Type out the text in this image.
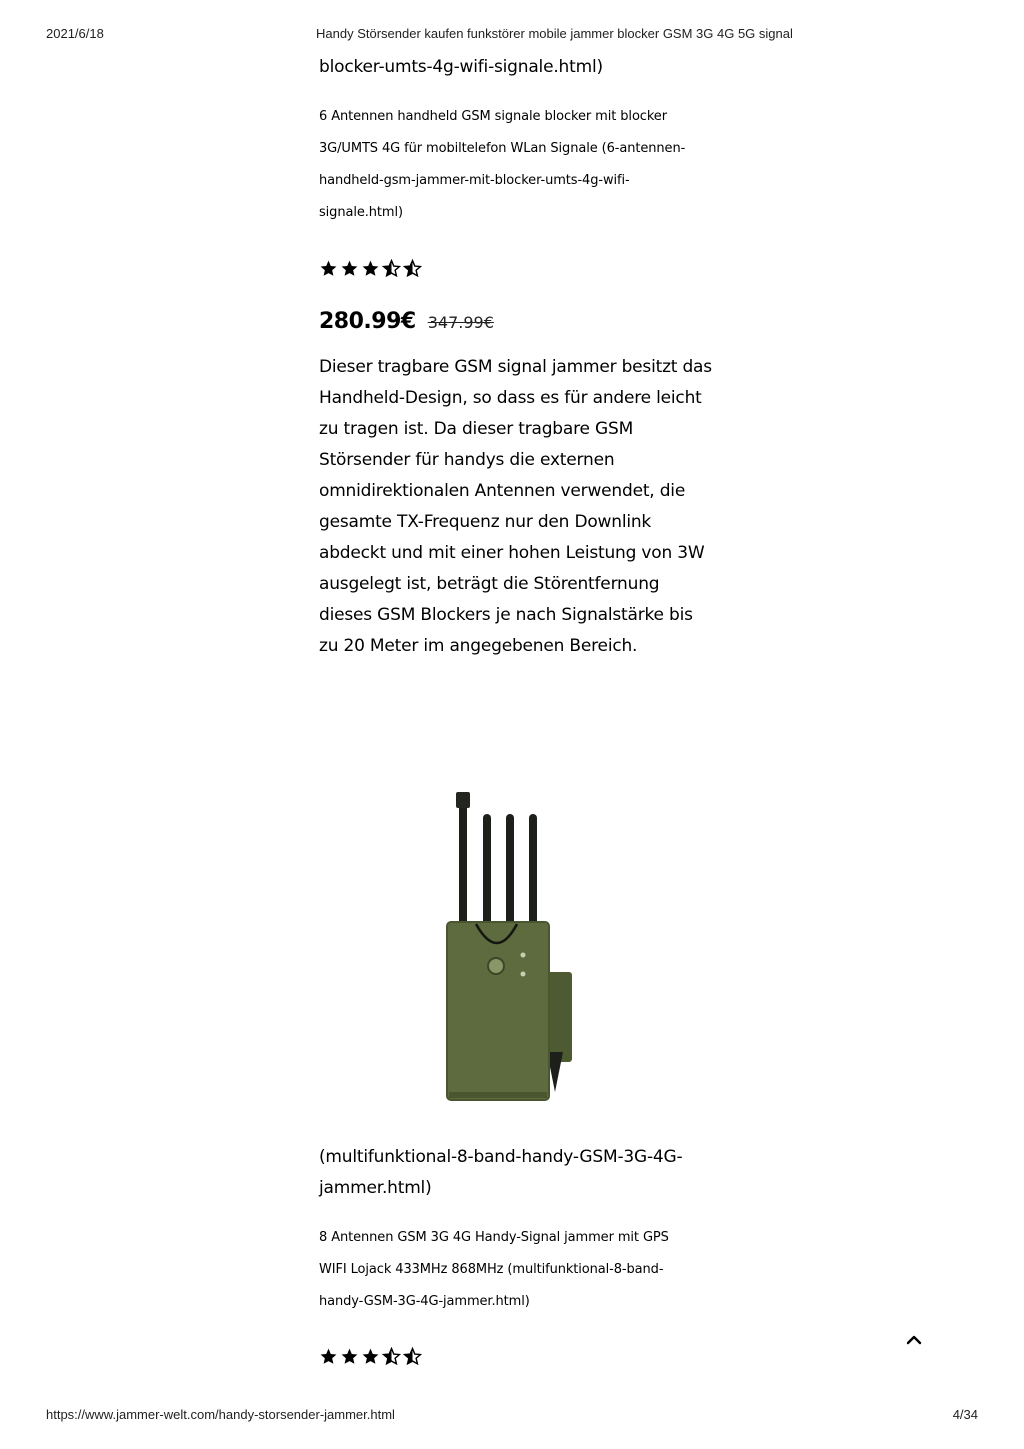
2021/6/18	Handy Störsender kaufen funkstörer mobile jammer blocker GSM 3G 4G 5G signal

blocker-umts-4g-wifi-signale.html)

6 Antennen handheld GSM signale blocker mit blocker 3G/UMTS 4G für mobiltelefon WLan Signale (6-antennen-handheld-gsm-jammer-mit-blocker-umts-4g-wifi-signale.html)

280.99€ 347.99€
Dieser tragbare GSM signal jammer besitzt das Handheld-Design, so dass es für andere leicht zu tragen ist. Da dieser tragbare GSM Störsender für handys die externen omnidirektionalen Antennen verwendet, die gesamte TX-Frequenz nur den Downlink abdeckt und mit einer hohen Leistung von 3W ausgelegt ist, beträgt die Störentfernung dieses GSM Blockers je nach Signalstärke bis zu 20 Meter im angegebenen Bereich.
(multifunktional-8-band-handy-GSM-3G-4G-jammer.html)
8 Antennen GSM 3G 4G Handy-Signal jammer mit GPS WIFI Lojack 433MHz 868MHz (multifunktional-8-band-handy-GSM-3G-4G-jammer.html)
https://www.jammer-welt.com/handy-storsender-jammer.html	4/34
